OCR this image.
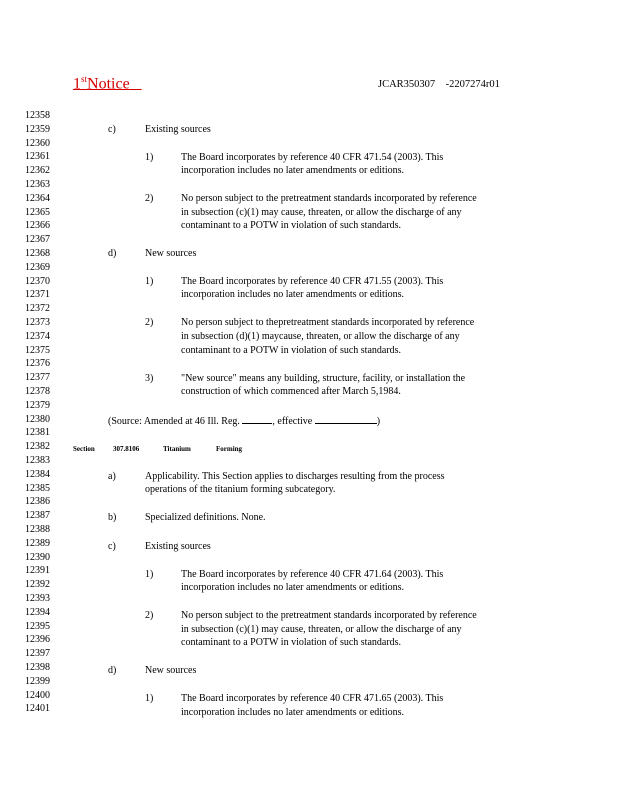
1stNotice	JCAR350307    -2207274r01
12358
12359
12360
12361
12362
12363
12364
12365
12366
12367
12368
12369
12370
12371
12372
12373
12374
12375
12376
12377
12378
12379
12380
12381
12382
12383
12384
12385
12386
12387
12388
12389
12390
12391
12392
12393
12394
12395
12396
12397
12398
12399
12400
12401
c)	Existing sources
1)	The Board incorporates by reference 40 CFR 471.54 (2003). This
incorporation includes no later amendments or editions.
2)	No person subject to the pretreatment standards incorporated by reference
in subsection (c)(1) may cause, threaten, or allow the discharge of any
contaminant to a POTW in violation of such standards.
d)	New sources
1)	The Board incorporates by reference 40 CFR 471.55 (2003). This
incorporation includes no later amendments or editions.
2)	No person subject to thepretreatment standards incorporated by reference
in subsection (d)(1) maycause, threaten, or allow the discharge of any
contaminant to a POTW in violation of such standards.
3)	"New source" means any building, structure, facility, or installation the
construction of which commenced after March 5,1984.
(Source: Amended at 46 Ill. Reg.	, effective	)
Section	307.8106	Titanium	Forming
a)	Applicability. This Section applies to discharges resulting from the process
operations of the titanium forming subcategory.
b)	Specialized definitions. None.
c)	Existing sources
1)	The Board incorporates by reference 40 CFR 471.64 (2003). This
incorporation includes no later amendments or editions.
2)	No person subject to the pretreatment standards incorporated by reference
in subsection (c)(1) may cause, threaten, or allow the discharge of any
contaminant to a POTW in violation of such standards.
d)	New sources
1)	The Board incorporates by reference 40 CFR 471.65 (2003). This
incorporation includes no later amendments or editions.
